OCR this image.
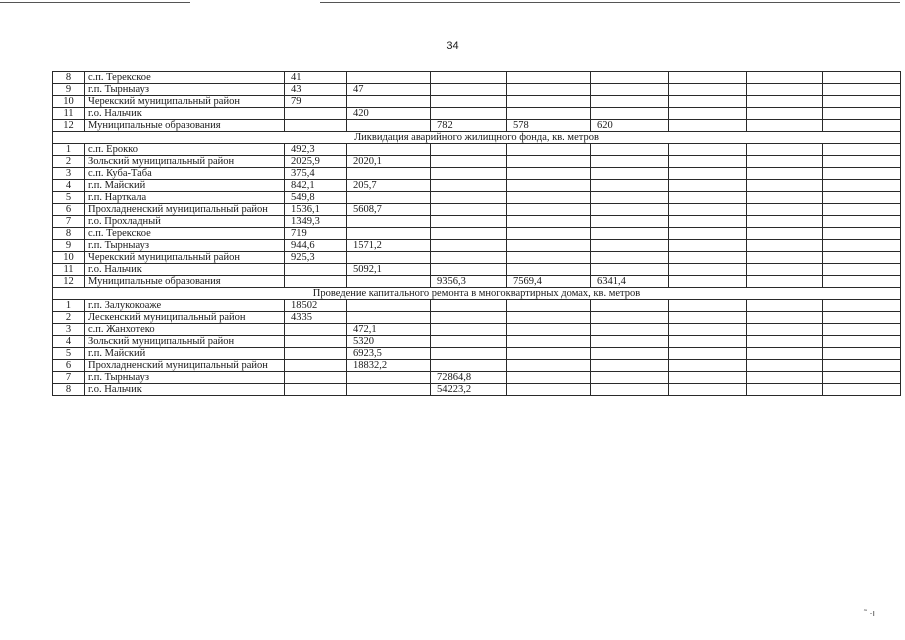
34
8	с.п. Терекское	41								
9	г.п. Тырныауз	43	47							
10	Черекский муниципальный район	79								
11	г.о. Нальчик		420							
12	Муниципальные образования			782	578	620				
Ликвидация аварийного жилищного фонда, кв. метров										
1	с.п. Ерокко	492,3								
2	Зольский муниципальный район	2025,9	2020,1							
3	с.п. Куба-Таба	375,4								
4	г.п. Майский	842,1	205,7							
5	г.п. Нарткала	549,8								
6	Прохладненский муниципальный район	1536,1	5608,7							
7	г.о. Прохладный	1349,3								
8	с.п. Терекское	719								
9	г.п. Тырныауз	944,6	1571,2							
10	Черекский муниципальный район	925,3								
11	г.о. Нальчик		5092,1							
12	Муниципальные образования			9356,3	7569,4	6341,4				
Проведение капитального ремонта в многоквартирных домах, кв. метров										
1	г.п. Залукокоаже	18502								
2	Лескенский муниципальный район	4335								
3	с.п. Жанхотеко		472,1							
4	Зольский муниципальный район		5320							
5	г.п. Майский		6923,5							
6	Прохладненский муниципальный район		18832,2							
7	г.п. Тырныауз			72864,8						
8	г.о. Нальчик			54223,2						
˜ ·ı
